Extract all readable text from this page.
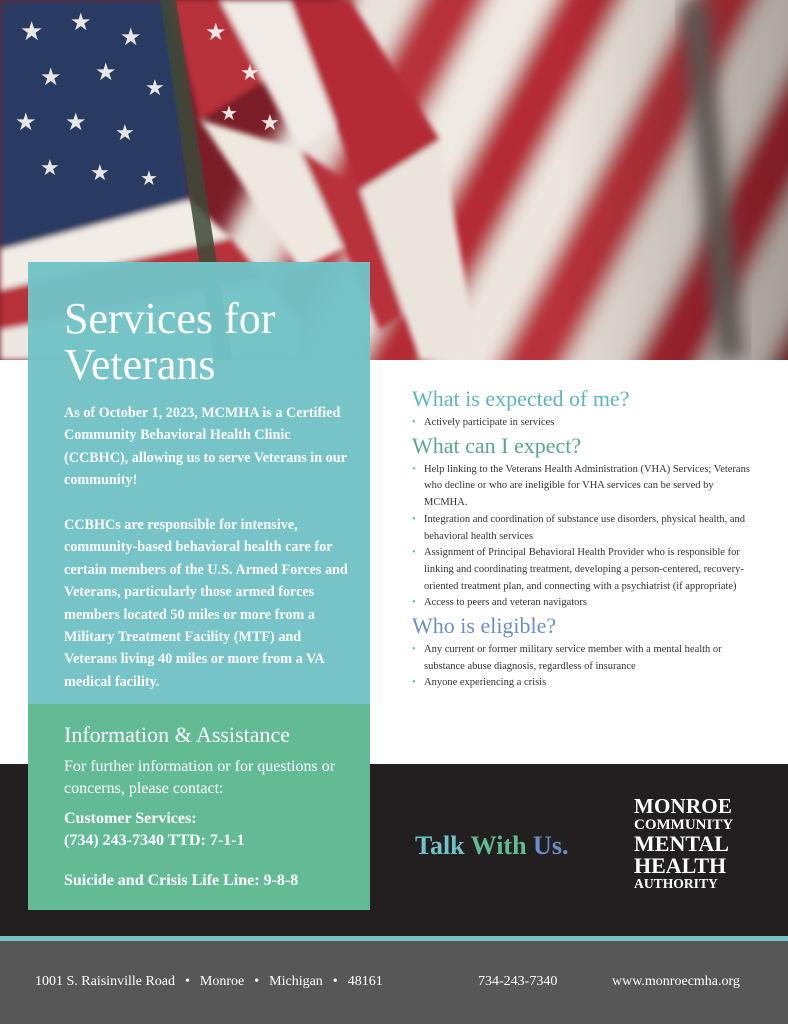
★ ★
★
★ ★
★
★ ★ ★
★ ★ ★
★
★
★
★
Services for Veterans

As of October 1, 2023, MCMHA is a Certified Community Behavioral Health Clinic (CCBHC), allowing us to serve Veterans in our community!

CCBHCs are responsible for intensive, community-based behavioral health care for certain members of the U.S. Armed Forces and Veterans, particularly those armed forces members located 50 miles or more from a Military Treatment Facility (MTF) and Veterans living 40 miles or more from a VA medical facility.

Information & Assistance

For further information or for questions or concerns, please contact:

Customer Services:

(734) 243-7340 TTD: 7-1-1

Suicide and Crisis Life Line: 9-8-8

What is expected of me?
• Actively participate in services
What can I expect?
• Help linking to the Veterans Health Administration (VHA) Services; Veterans who decline or who are ineligible for VHA services can be served by MCMHA.
• Integration and coordination of substance use disorders, physical health, and behavioral health services
• Assignment of Principal Behavioral Health Provider who is responsible for linking and coordinating treatment, developing a person-centered, recovery-oriented treatment plan, and connecting with a psychiatrist (if appropriate)
• Access to peers and veteran navigators
Who is eligible?
• Any current or former military service member with a mental health or substance abuse diagnosis, regardless of insurance
• Anyone experiencing a crisis

Talk With Us.

MONROE
COMMUNITY
MENTAL
HEALTH
AUTHORITY
1001 S. Raisinville Road • Monroe • Michigan • 48161	734-243-7340	www.monroecmha.org
